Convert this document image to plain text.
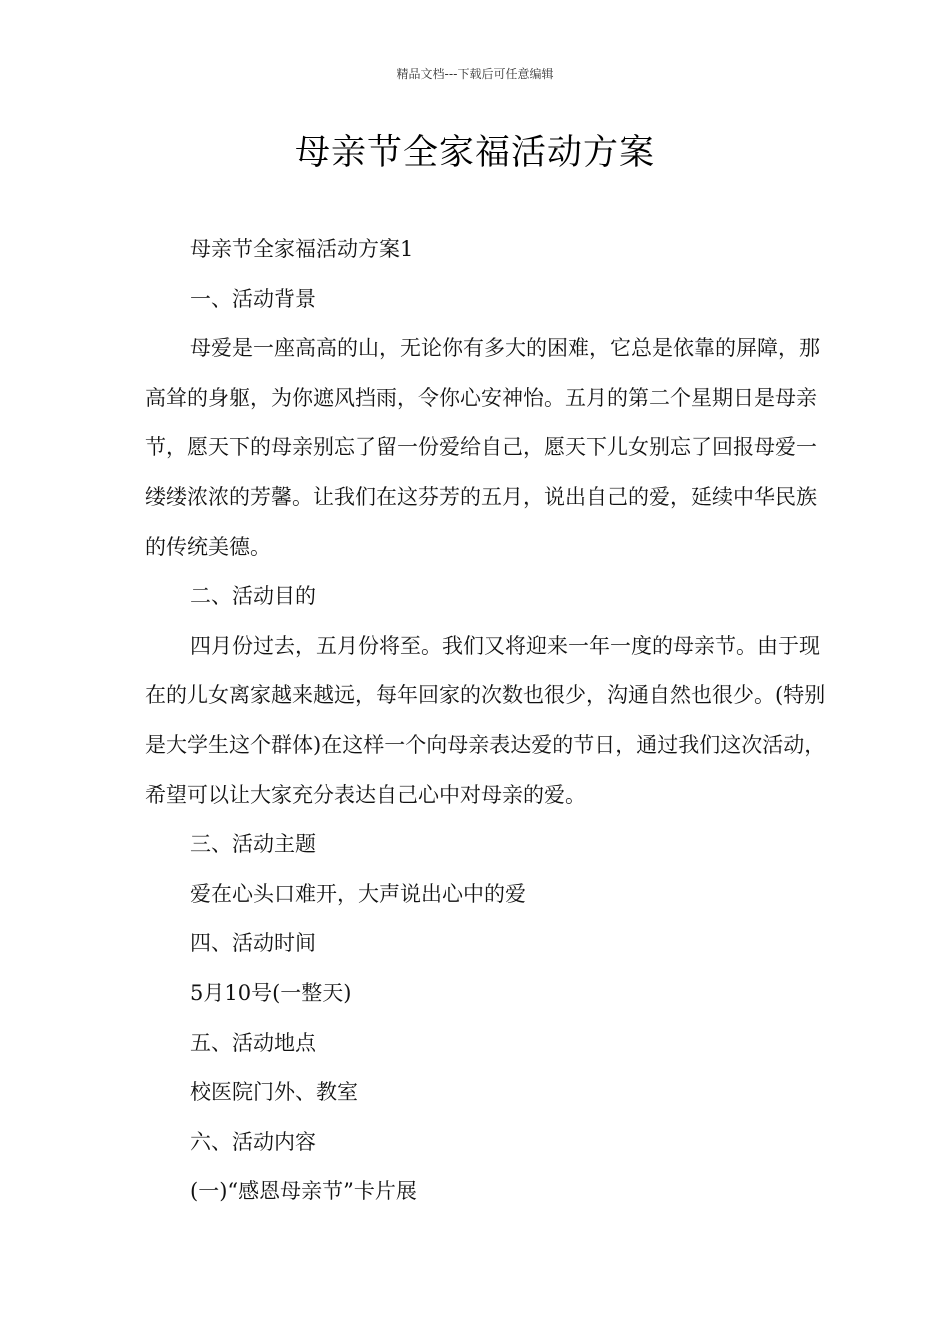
精品文档---下载后可任意编辑
母亲节全家福活动方案

母亲节全家福活动方案1

一、活动背景

母爱是一座高高的山，无论你有多大的困难，它总是依靠的屏障，那高耸的身躯，为你遮风挡雨，令你心安神怡。五月的第二个星期日是母亲节，愿天下的母亲别忘了留一份爱给自己，愿天下儿女别忘了回报母爱一缕缕浓浓的芳馨。让我们在这芬芳的五月，说出自己的爱，延续中华民族的传统美德。

二、活动目的

四月份过去，五月份将至。我们又将迎来一年一度的母亲节。由于现在的儿女离家越来越远，每年回家的次数也很少，沟通自然也很少。(特别是大学生这个群体)在这样一个向母亲表达爱的节日，通过我们这次活动，希望可以让大家充分表达自己心中对母亲的爱。

三、活动主题

爱在心头口难开，大声说出心中的爱

四、活动时间

5月10号(一整天)

五、活动地点

校医院门外、教室

六、活动内容

(一)“感恩母亲节”卡片展
